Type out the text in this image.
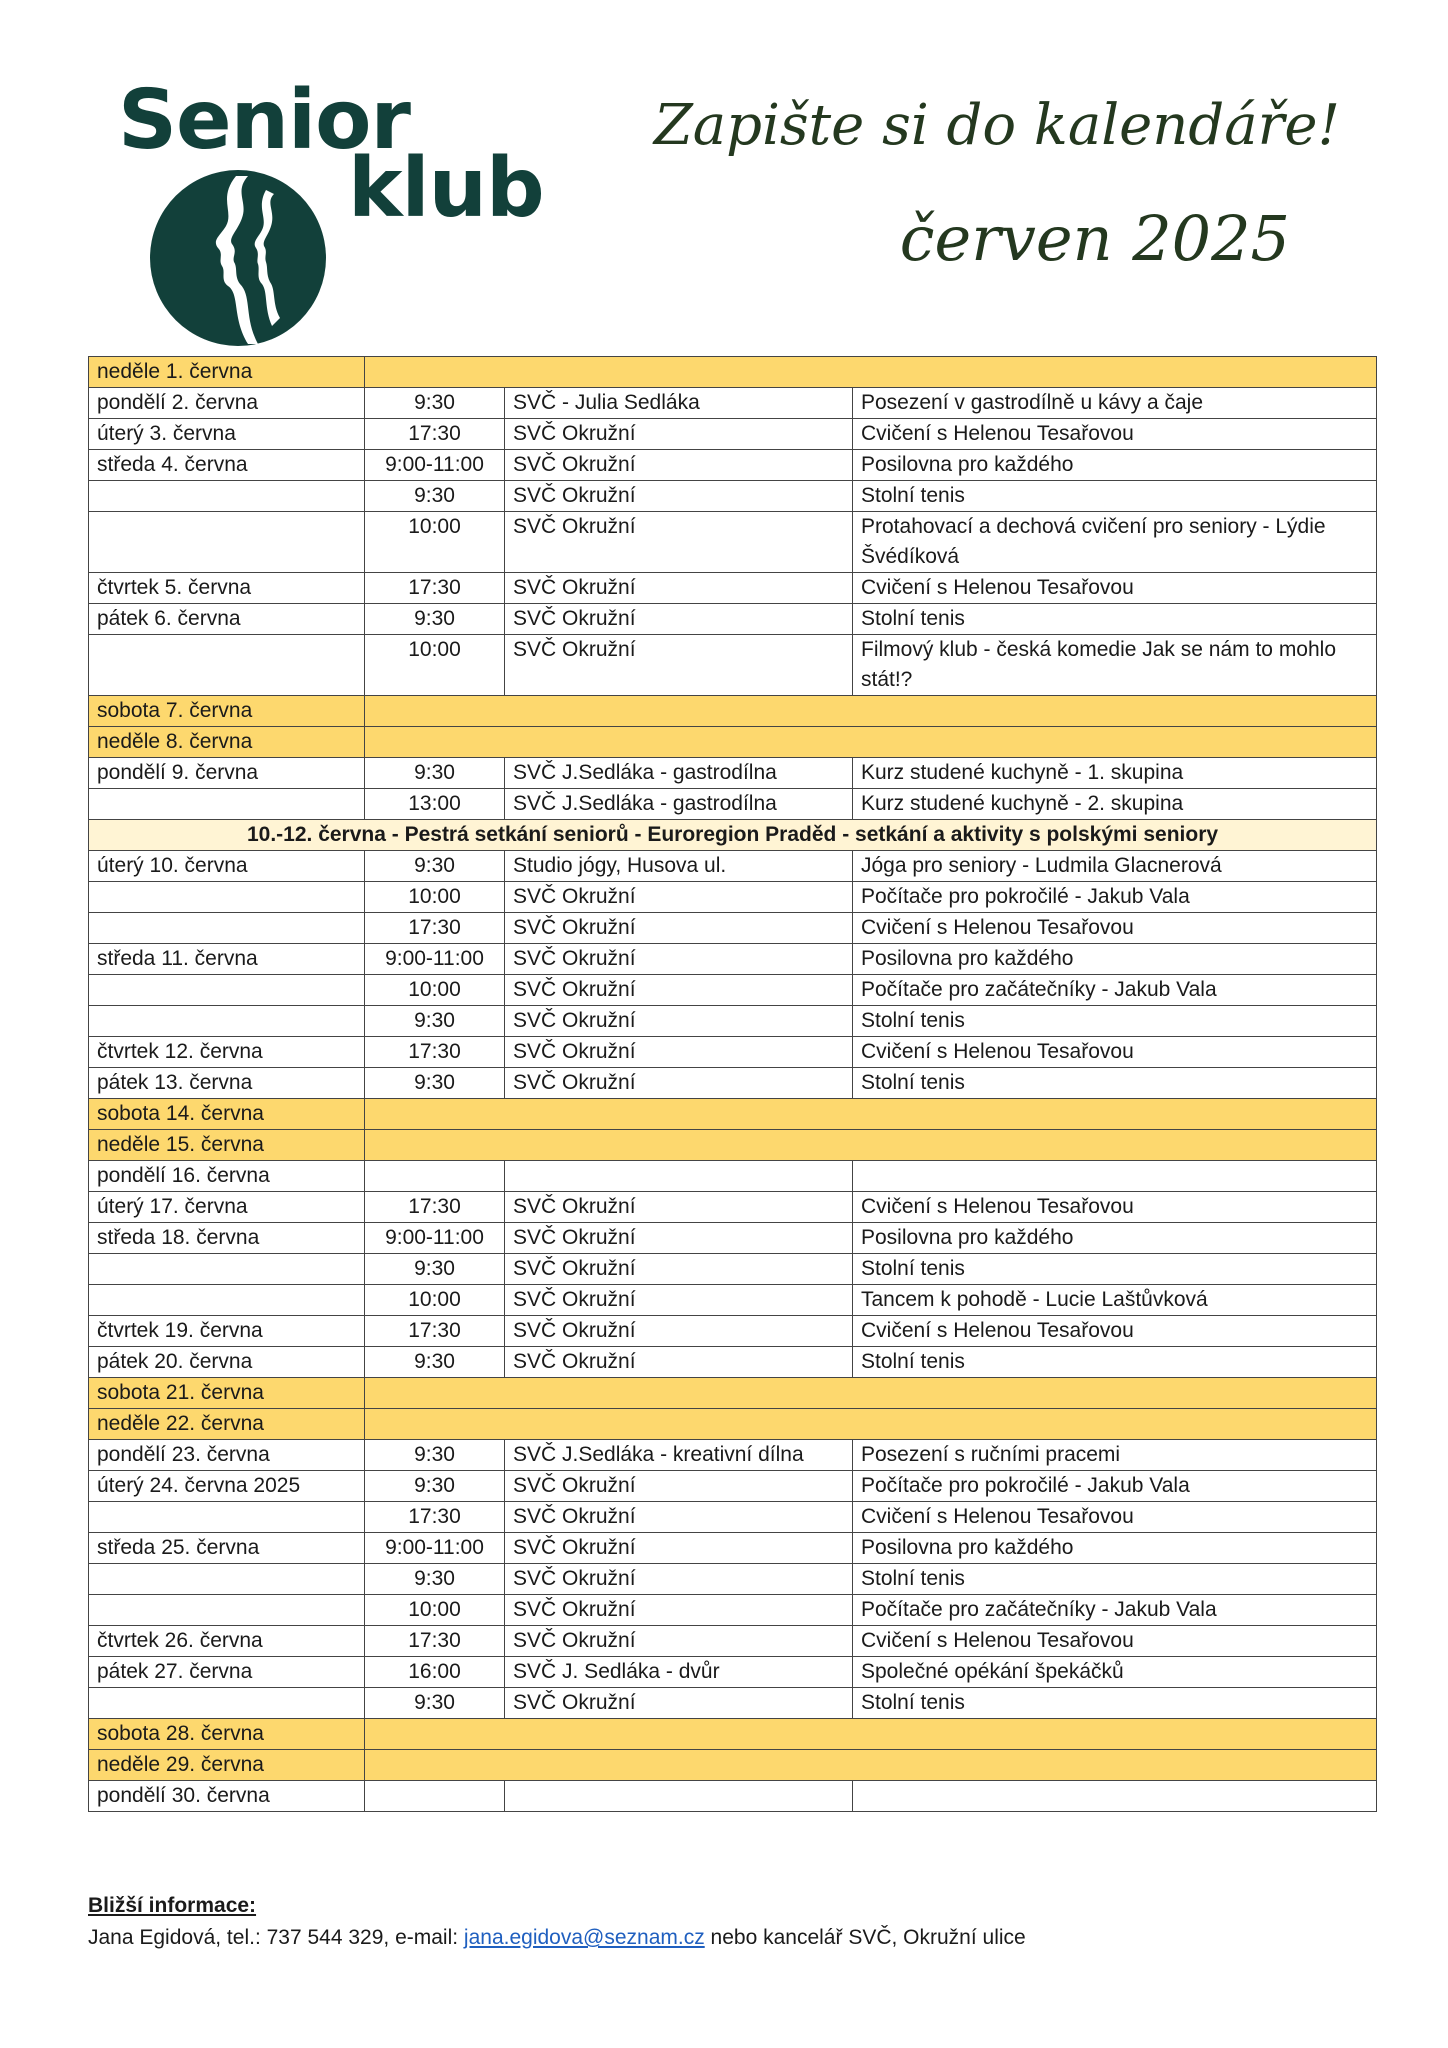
Senior
klub
Zapište si do kalendáře!
červen 2025
neděle 1. června			
pondělí 2. června	9:30	SVČ - Julia Sedláka	Posezení v gastrodílně u kávy a čaje
úterý 3. června	17:30	SVČ Okružní	Cvičení s Helenou Tesařovou
středa 4. června	9:00-11:00	SVČ Okružní	Posilovna pro každého
	9:30	SVČ Okružní	Stolní tenis
	10:00	SVČ Okružní	Protahovací a dechová cvičení pro seniory - Lýdie Švédíková
čtvrtek 5. června	17:30	SVČ Okružní	Cvičení s Helenou Tesařovou
pátek 6. června	9:30	SVČ Okružní	Stolní tenis
	10:00	SVČ Okružní	Filmový klub - česká komedie Jak se nám to mohlo stát!?
sobota 7. června			
neděle 8. června			
pondělí 9. června	9:30	SVČ J.Sedláka - gastrodílna	Kurz studené kuchyně - 1. skupina
	13:00	SVČ J.Sedláka - gastrodílna	Kurz studené kuchyně - 2. skupina
10.-12. června - Pestrá setkání seniorů - Euroregion Praděd - setkání a aktivity s polskými seniory			
úterý 10. června	9:30	Studio jógy, Husova ul.	Jóga pro seniory - Ludmila Glacnerová
	10:00	SVČ Okružní	Počítače pro pokročilé - Jakub Vala
	17:30	SVČ Okružní	Cvičení s Helenou Tesařovou
středa 11. června	9:00-11:00	SVČ Okružní	Posilovna pro každého
	10:00	SVČ Okružní	Počítače pro začátečníky - Jakub Vala
	9:30	SVČ Okružní	Stolní tenis
čtvrtek 12. června	17:30	SVČ Okružní	Cvičení s Helenou Tesařovou
pátek 13. června	9:30	SVČ Okružní	Stolní tenis
sobota 14. června			
neděle 15. června			
pondělí 16. června			
úterý 17. června	17:30	SVČ Okružní	Cvičení s Helenou Tesařovou
středa 18. června	9:00-11:00	SVČ Okružní	Posilovna pro každého
	9:30	SVČ Okružní	Stolní tenis
	10:00	SVČ Okružní	Tancem k pohodě - Lucie Laštůvková
čtvrtek 19. června	17:30	SVČ Okružní	Cvičení s Helenou Tesařovou
pátek 20. června	9:30	SVČ Okružní	Stolní tenis
sobota 21. června			
neděle 22. června			
pondělí 23. června	9:30	SVČ J.Sedláka - kreativní dílna	Posezení s ručními pracemi
úterý 24. června 2025	9:30	SVČ Okružní	Počítače pro pokročilé - Jakub Vala
	17:30	SVČ Okružní	Cvičení s Helenou Tesařovou
středa 25. června	9:00-11:00	SVČ Okružní	Posilovna pro každého
	9:30	SVČ Okružní	Stolní tenis
	10:00	SVČ Okružní	Počítače pro začátečníky - Jakub Vala
čtvrtek 26. června	17:30	SVČ Okružní	Cvičení s Helenou Tesařovou
pátek 27. června	16:00	SVČ J. Sedláka - dvůr	Společné opékání špekáčků
	9:30	SVČ Okružní	Stolní tenis
sobota 28. června			
neděle 29. června			
pondělí 30. června			
Bližší informace:
Jana Egidová, tel.: 737 544 329, e-mail: jana.egidova@seznam.cz nebo kancelář SVČ, Okružní ulice
